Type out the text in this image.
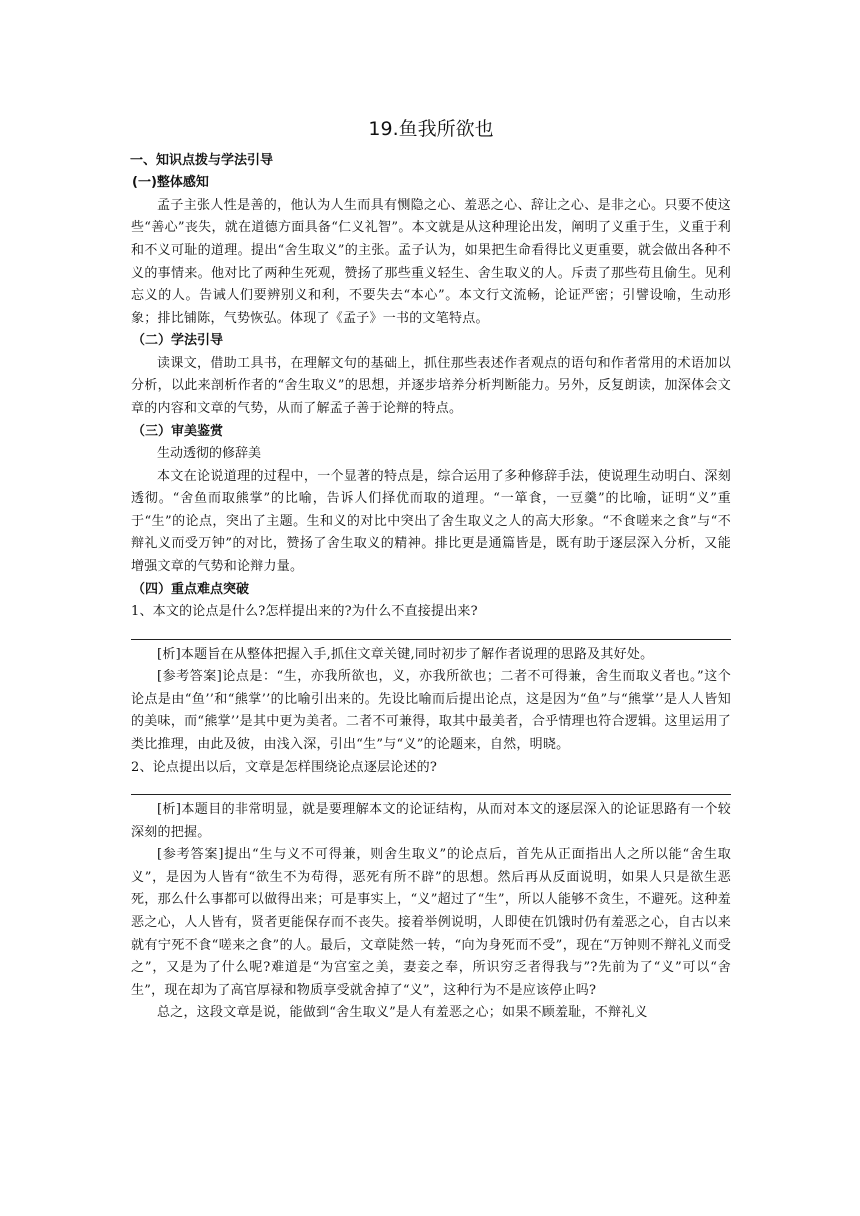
19.鱼我所欲也
一、知识点拨与学法引导
(一)整体感知
孟子主张人性是善的，他认为人生而具有恻隐之心、羞恶之心、辞让之心、是非之心。只要不使这些“善心”丧失，就在道德方面具备“仁义礼智”。本文就是从这种理论出发，阐明了义重于生，义重于利和不义可耻的道理。提出“舍生取义”的主张。孟子认为，如果把生命看得比义更重要，就会做出各种不义的事情来。他对比了两种生死观，赞扬了那些重义轻生、舍生取义的人。斥责了那些苟且偷生。见利忘义的人。告诫人们要辨别义和利，不要失去“本心”。本文行文流畅，论证严密；引譬设喻，生动形象；排比铺陈，气势恢弘。体现了《孟子》一书的文笔特点。
（二）学法引导
读课文，借助工具书，在理解文句的基础上，抓住那些表述作者观点的语句和作者常用的术语加以分析，以此来剖析作者的“舍生取义”的思想，并逐步培养分析判断能力。另外，反复朗读，加深体会文章的内容和文章的气势，从而了解孟子善于论辩的特点。
（三）审美鉴赏
生动透彻的修辞美
本文在论说道理的过程中，一个显著的特点是，综合运用了多种修辞手法，使说理生动明白、深刻透彻。“舍鱼而取熊掌”的比喻，告诉人们择优而取的道理。“一箪食，一豆羹”的比喻，证明“义”重于“生”的论点，突出了主题。生和义的对比中突出了舍生取义之人的高大形象。“不食嗟来之食”与“不辩礼义而受万钟”的对比，赞扬了舍生取义的精神。排比更是通篇皆是，既有助于逐层深入分析，又能增强文章的气势和论辩力量。
（四）重点难点突破
1、本文的论点是什么?怎样提出来的?为什么不直接提出来?
[析]本题旨在从整体把握入手,抓住文章关键,同时初步了解作者说理的思路及其好处。
[参考答案]论点是：“生，亦我所欲也，义，亦我所欲也；二者不可得兼，舍生而取义者也。”这个论点是由“鱼’’和“熊掌’’的比喻引出来的。先设比喻而后提出论点，这是因为“鱼”与“熊掌’’是人人皆知的美味，而“熊掌’’是其中更为美者。二者不可兼得，取其中最美者，合乎情理也符合逻辑。这里运用了类比推理，由此及彼，由浅入深，引出“生”与“义”的论题来，自然，明晓。
2、论点提出以后，文章是怎样围绕论点逐层论述的?
[析]本题目的非常明显，就是要理解本文的论证结构，从而对本文的逐层深入的论证思路有一个较深刻的把握。
[参考答案]提出“生与义不可得兼，则舍生取义”的论点后，首先从正面指出人之所以能“舍生取义”，是因为人皆有“欲生不为苟得，恶死有所不辟”的思想。然后再从反面说明，如果人只是欲生恶死，那么什么事都可以做得出来；可是事实上，“义”超过了“生”，所以人能够不贪生，不避死。这种羞恶之心，人人皆有，贤者更能保存而不丧失。接着举例说明，人即使在饥饿时仍有羞恶之心，自古以来就有宁死不食“嗟来之食”的人。最后，文章陡然一转，“向为身死而不受”，现在“万钟则不辩礼义而受之”，又是为了什么呢?难道是“为宫室之美，妻妾之奉，所识穷乏者得我与”?先前为了“义”可以“舍生”，现在却为了高官厚禄和物质享受就舍掉了“义”，这种行为不是应该停止吗?
总之，这段文章是说，能做到“舍生取义”是人有羞恶之心；如果不顾羞耻，不辩礼义
